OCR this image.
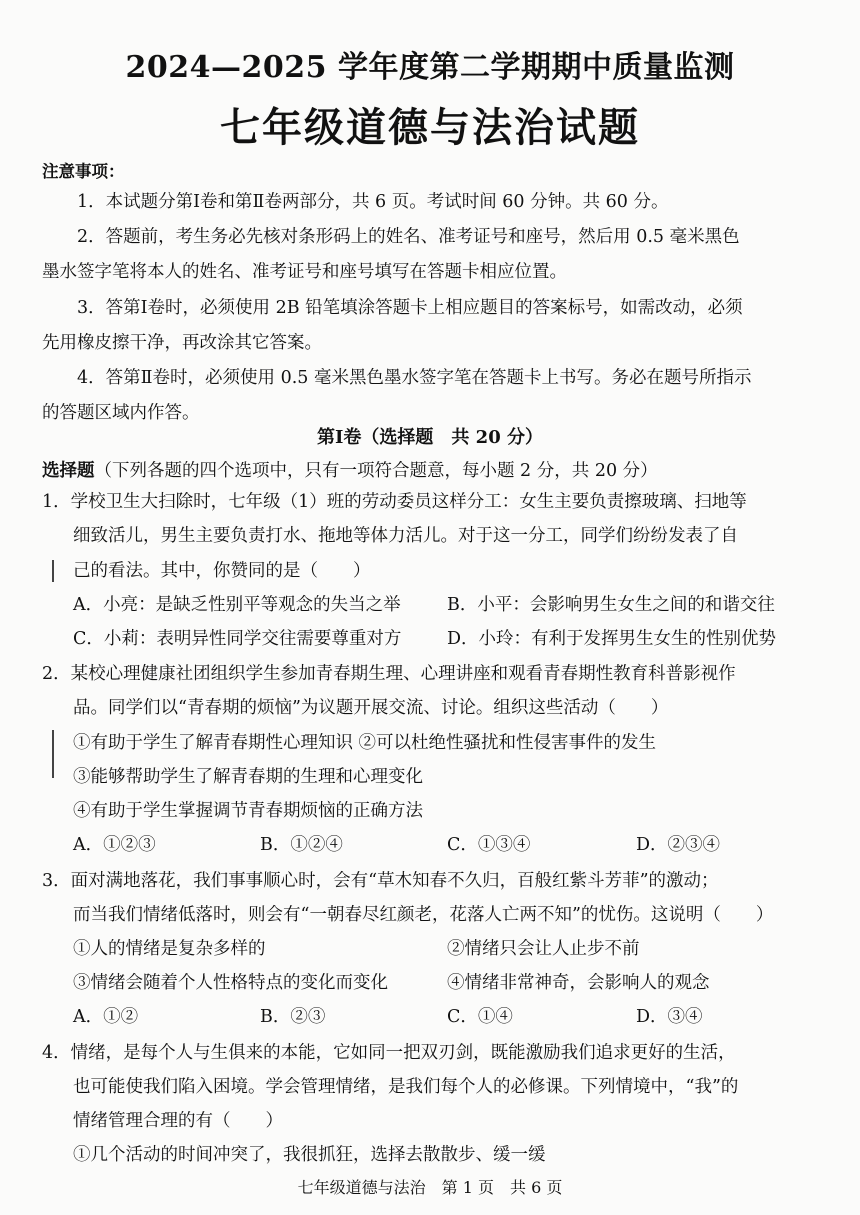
2024—2025 学年度第二学期期中质量监测
七年级道德与法治试题
注意事项：
1．本试题分第Ⅰ卷和第Ⅱ卷两部分，共 6 页。考试时间 60 分钟。共 60 分。
2．答题前，考生务必先核对条形码上的姓名、准考证号和座号，然后用 0.5 毫米黑色
墨水签字笔将本人的姓名、准考证号和座号填写在答题卡相应位置。
3．答第Ⅰ卷时，必须使用 2B 铅笔填涂答题卡上相应题目的答案标号，如需改动，必须
先用橡皮擦干净，再改涂其它答案。
4．答第Ⅱ卷时，必须使用 0.5 毫米黑色墨水签字笔在答题卡上书写。务必在题号所指示
的答题区域内作答。
第Ⅰ卷（选择题　共 20 分）
选择题（下列各题的四个选项中，只有一项符合题意，每小题 2 分，共 20 分）
1．学校卫生大扫除时，七年级（1）班的劳动委员这样分工：女生主要负责擦玻璃、扫地等
细致活儿，男生主要负责打水、拖地等体力活儿。对于这一分工，同学们纷纷发表了自
己的看法。其中，你赞同的是（　　）
A．小亮：是缺乏性别平等观念的失当之举	B．小平：会影响男生女生之间的和谐交往
C．小莉：表明异性同学交往需要尊重对方	D．小玲：有利于发挥男生女生的性别优势
2．某校心理健康社团组织学生参加青春期生理、心理讲座和观看青春期性教育科普影视作
品。同学们以“青春期的烦恼”为议题开展交流、讨论。组织这些活动（　　）
①有助于学生了解青春期性心理知识 ②可以杜绝性骚扰和性侵害事件的发生
③能够帮助学生了解青春期的生理和心理变化
④有助于学生掌握调节青春期烦恼的正确方法
A．①②③	B．①②④	C．①③④	D．②③④
3．面对满地落花，我们事事顺心时，会有“草木知春不久归，百般红紫斗芳菲”的激动；
而当我们情绪低落时，则会有“一朝春尽红颜老，花落人亡两不知”的忧伤。这说明（　　）
①人的情绪是复杂多样的	②情绪只会让人止步不前
③情绪会随着个人性格特点的变化而变化	④情绪非常神奇，会影响人的观念
A．①②	B．②③	C．①④	D．③④
4．情绪，是每个人与生俱来的本能，它如同一把双刃剑，既能激励我们追求更好的生活，
也可能使我们陷入困境。学会管理情绪，是我们每个人的必修课。下列情境中，“我”的
情绪管理合理的有（　　）
①几个活动的时间冲突了，我很抓狂，选择去散散步、缓一缓
七年级道德与法治　第 1 页　共 6 页
